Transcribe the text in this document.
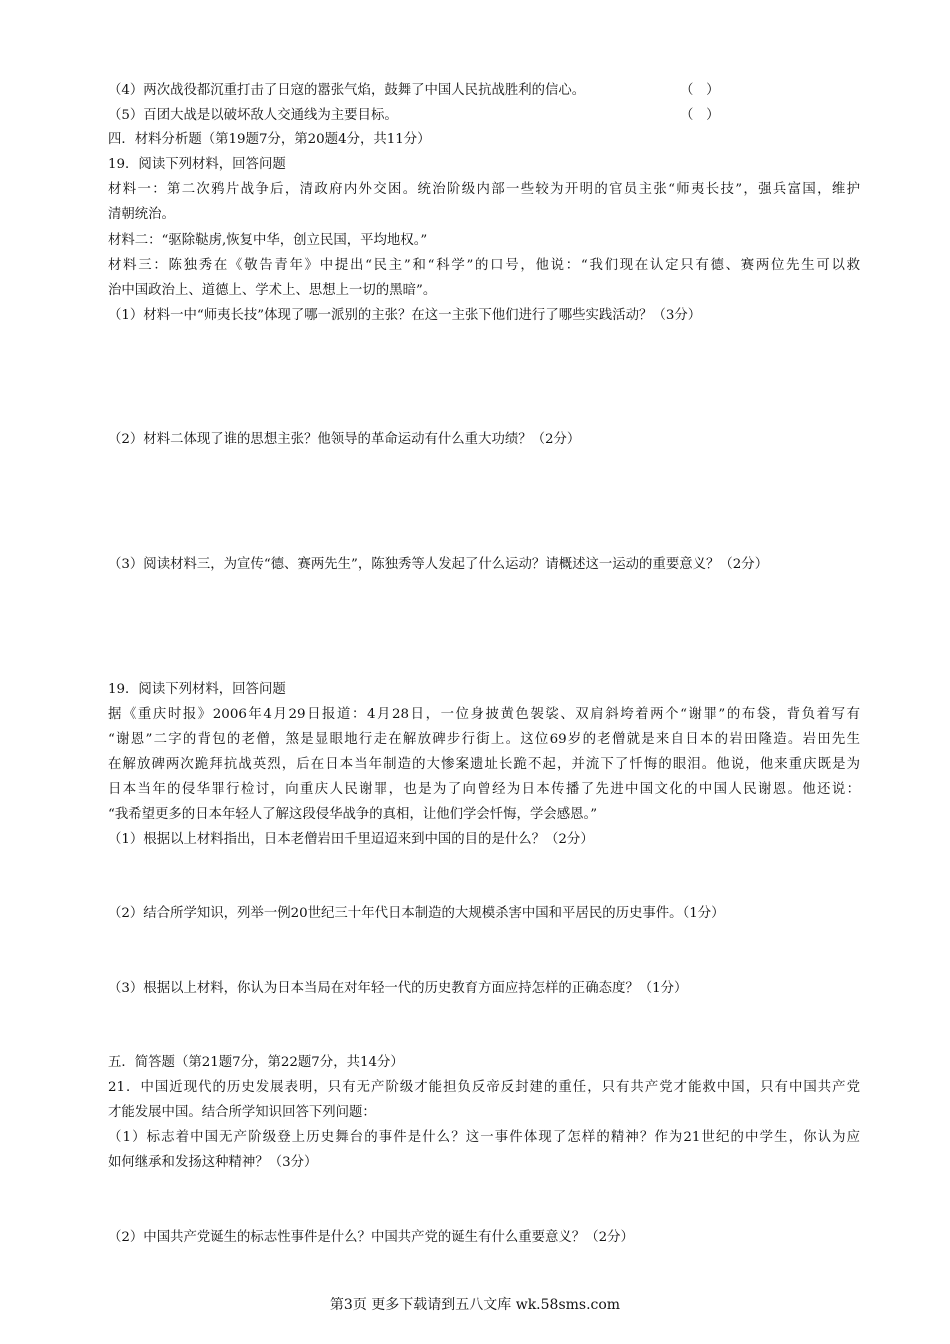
（4）两次战役都沉重打击了日寇的嚣张气焰，鼓舞了中国人民抗战胜利的信心。	（   ）
（5）百团大战是以破坏敌人交通线为主要目标。	（   ）
四．材料分析题（第19题7分，第20题4分，共11分）
19．阅读下列材料，回答问题
材料一：第二次鸦片战争后，清政府内外交困。统治阶级内部一些较为开明的官员主张“师夷长技”，强兵富国，维护
清朝统治。
材料二：“驱除鞑虏,恢复中华，创立民国，平均地权。”
材料三：陈独秀在《敬告青年》中提出“民主”和“科学”的口号，他说：“我们现在认定只有德、赛两位先生可以救
治中国政治上、道德上、学术上、思想上一切的黑暗”。
（1）材料一中“师夷长技”体现了哪一派别的主张？在这一主张下他们进行了哪些实践活动？（3分）
（2）材料二体现了谁的思想主张？他领导的革命运动有什么重大功绩？（2分）
（3）阅读材料三，为宣传“德、赛两先生”，陈独秀等人发起了什么运动？请概述这一运动的重要意义？（2分）
19．阅读下列材料，回答问题
据《重庆时报》2006年4月29日报道：4月28日，一位身披黄色袈裟、双肩斜垮着两个“谢罪”的布袋，背负着写有
“谢恩”二字的背包的老僧，煞是显眼地行走在解放碑步行街上。这位69岁的老僧就是来自日本的岩田隆造。岩田先生
在解放碑两次跪拜抗战英烈，后在日本当年制造的大惨案遗址长跪不起，并流下了忏悔的眼泪。他说，他来重庆既是为
日本当年的侵华罪行检讨，向重庆人民谢罪，也是为了向曾经为日本传播了先进中国文化的中国人民谢恩。他还说：
“我希望更多的日本年轻人了解这段侵华战争的真相，让他们学会忏悔，学会感恩。”
（1）根据以上材料指出，日本老僧岩田千里迢迢来到中国的目的是什么？（2分）
（2）结合所学知识，列举一例20世纪三十年代日本制造的大规模杀害中国和平居民的历史事件。（1分）
（3）根据以上材料，你认为日本当局在对年轻一代的历史教育方面应持怎样的正确态度？（1分）
五．简答题（第21题7分，第22题7分，共14分）
21．中国近现代的历史发展表明，只有无产阶级才能担负反帝反封建的重任，只有共产党才能救中国，只有中国共产党
才能发展中国。结合所学知识回答下列问题：
（1）标志着中国无产阶级登上历史舞台的事件是什么？这一事件体现了怎样的精神？作为21世纪的中学生，你认为应
如何继承和发扬这种精神？（3分）
（2）中国共产党诞生的标志性事件是什么？中国共产党的诞生有什么重要意义？（2分）
第3页 更多下载请到五八文库 wk.58sms.com
